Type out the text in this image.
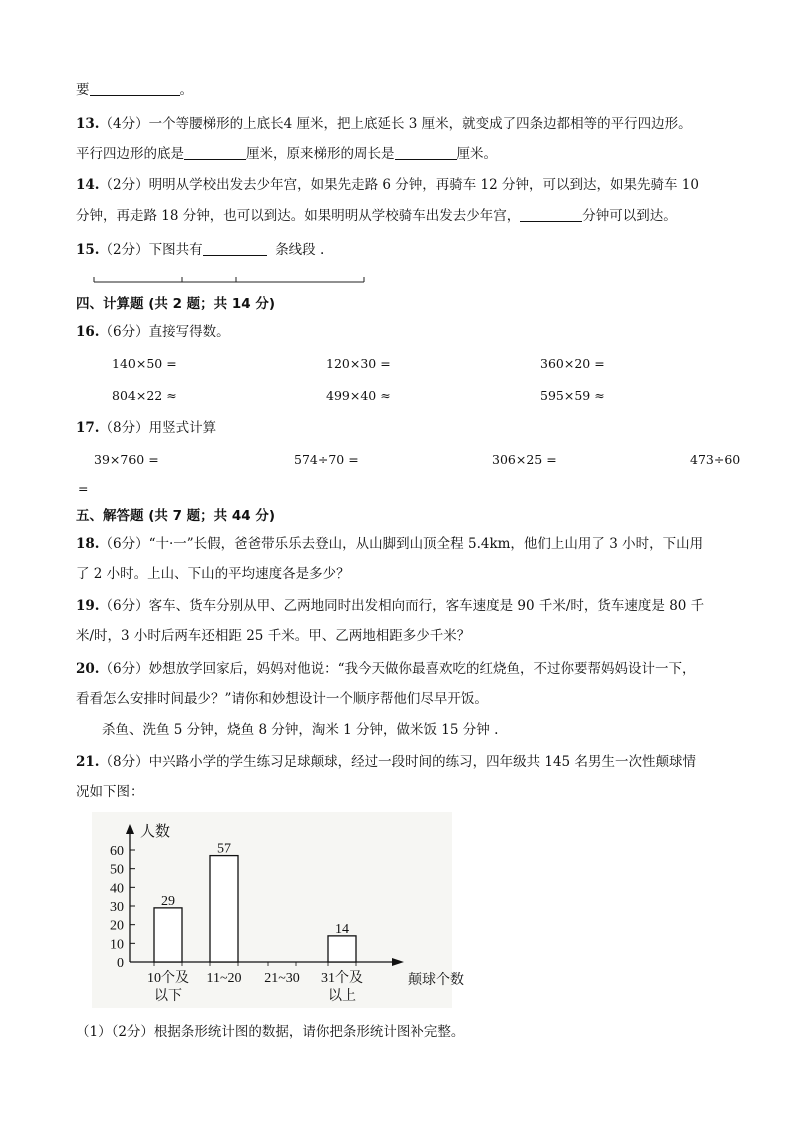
要	。
13.（4分）一个等腰梯形的上底长4 厘米，把上底延长 3 厘米，就变成了四条边都相等的平行四边形。
平行四边形的底是	厘米，原来梯形的周长是	厘米。
14.（2分）明明从学校出发去少年宫，如果先走路 6 分钟，再骑车 12 分钟，可以到达，如果先骑车 10
分钟，再走路 18 分钟，也可以到达。如果明明从学校骑车出发去少年宫，	分钟可以到达。
15.（2分）下图共有	条线段 .
四、计算题 (共 2 题；共 14 分)
16.（6分）直接写得数。
140×50 =	120×30 =	360×20 =
804×22 ≈	499×40 ≈	595×59 ≈
17.（8分）用竖式计算
39×760 =	574÷70 =	306×25 =	473÷60
=
五、解答题 (共 7 题；共 44 分)
18.（6分）“十·一”长假，爸爸带乐乐去登山，从山脚到山顶全程 5.4km，他们上山用了 3 小时，下山用
了 2 小时。上山、下山的平均速度各是多少？
19.（6分）客车、货车分别从甲、乙两地同时出发相向而行，客车速度是 90 千米/时，货车速度是 80 千
米/时，3 小时后两车还相距 25 千米。甲、乙两地相距多少千米？
20.（6分）妙想放学回家后，妈妈对他说：“我今天做你最喜欢吃的红烧鱼，不过你要帮妈妈设计一下，
看看怎么安排时间最少？”请你和妙想设计一个顺序帮他们尽早开饭。
杀鱼、洗鱼 5 分钟，烧鱼 8 分钟，淘米 1 分钟，做米饭 15 分钟 .
21.（8分）中兴路小学的学生练习足球颠球，经过一段时间的练习，四年级共 145 名男生一次性颠球情
况如下图：
人数
颠球个数
0
10
20
30
40
50
60
29
10个及
以下
57
11~20 21~30
14
31个及
以上
（1）（2分）根据条形统计图的数据，请你把条形统计图补完整。
